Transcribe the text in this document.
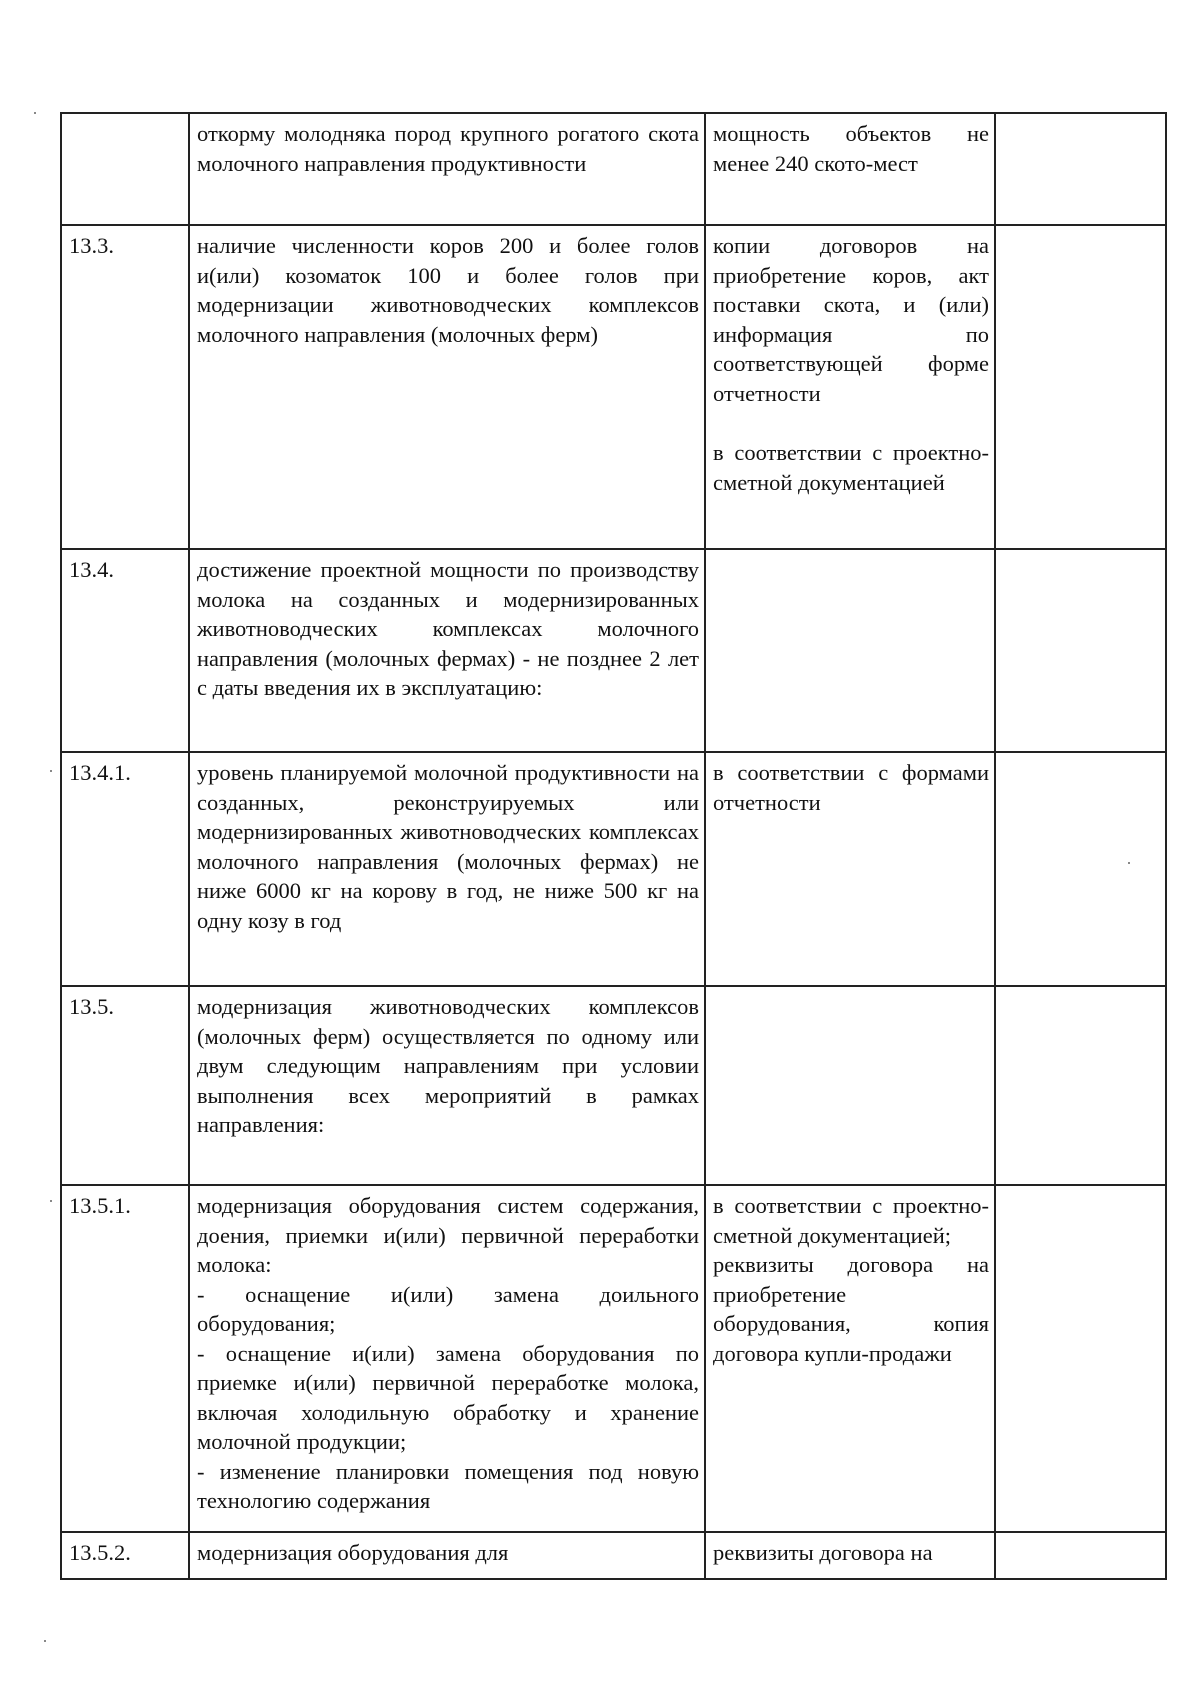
	откорму молодняка пород крупного рогатого скота молочного направления продуктивности	мощность объектов не менее 240 ското-мест	

13.3.	наличие численности коров 200 и более голов и(или) козоматок 100 и более голов при модернизации животноводческих комплексов молочного направления (молочных ферм)	копии договоров на приобретение коров, акт поставки скота, и (или) информация по соответствующей форме отчетности
в соответствии с проектно-сметной документацией	

13.4.	достижение проектной мощности по производству молока на созданных и модернизированных животноводческих комплексах молочного направления (молочных фермах) - не позднее 2 лет с даты введения их в эксплуатацию:		

13.4.1.	уровень планируемой молочной продуктивности на созданных, реконструируемых или модернизированных животноводческих комплексах молочного направления (молочных фермах) не ниже 6000 кг на корову в год, не ниже 500 кг на одну козу в год	в соответствии с формами отчетности	

13.5.	модернизация животноводческих комплексов (молочных ферм) осуществляется по одному или двум следующим направлениям при условии выполнения всех мероприятий в рамках направления:		

13.5.1.	модернизация оборудования систем содержания, доения, приемки и(или) первичной переработки молока:
- оснащение и(или) замена доильного оборудования;
- оснащение и(или) замена оборудования по приемке и(или) первичной переработке молока, включая холодильную обработку и хранение молочной продукции;
- изменение планировки помещения под новую технологию содержания	в соответствии с проектно-сметной документацией;
реквизиты договора на приобретение оборудования, копия договора купли-продажи	

13.5.2.	модернизация оборудования для	реквизиты договора на	
